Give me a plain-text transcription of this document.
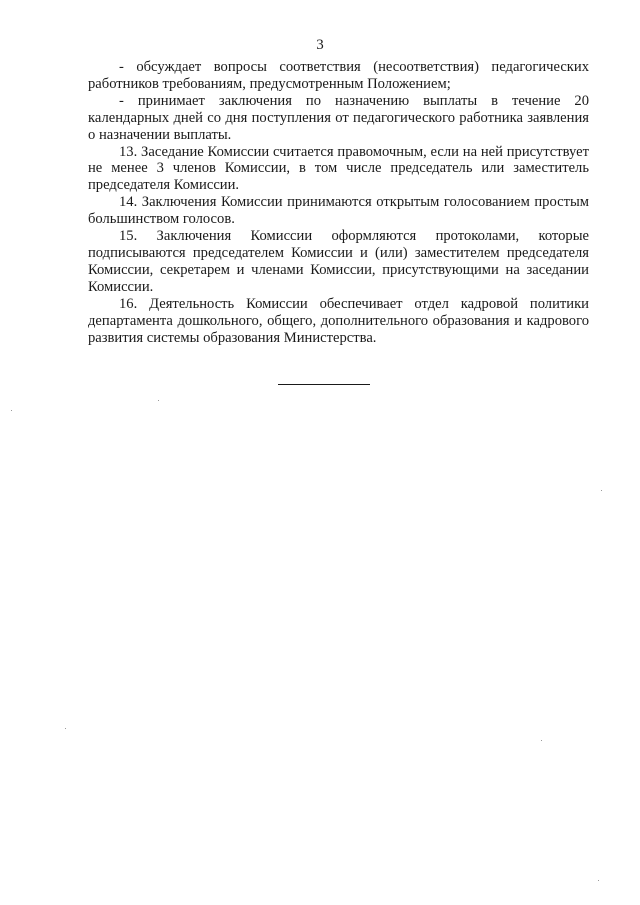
3

- обсуждает вопросы соответствия (несоответствия) педагогических работников требованиям, предусмотренным Положением;

- принимает заключения по назначению выплаты в течение 20 календарных дней со дня поступления от педагогического работника заявления о назначении выплаты.

13. Заседание Комиссии считается правомочным, если на ней присутствует не менее 3 членов Комиссии, в том числе председатель или заместитель председателя Комиссии.

14. Заключения Комиссии принимаются открытым голосованием простым большинством голосов.

15. Заключения Комиссии оформляются протоколами, которые подписываются председателем Комиссии и (или) заместителем председателя Комиссии, секретарем и членами Комиссии, присутствующими на заседании Комиссии.

16. Деятельность Комиссии обеспечивает отдел кадровой политики департамента дошкольного, общего, дополнительного образования и кадрового развития системы образования Министерства.
